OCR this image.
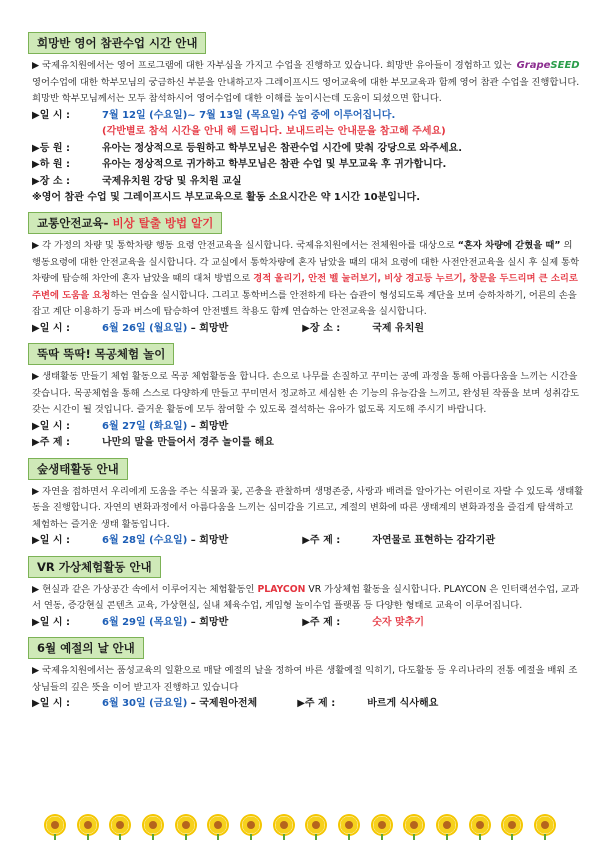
희망반 영어 참관수업 시간 안내
▶ 국제유치원에서는 영어 프로그램에 대한 자부심을 가지고 수업을 진행하고 있습니다. 희망반 유아들이 경험하고 있는 GrapeSEED 영어수업에 대한 학부모님의 궁금하신 부분을 안내하고자 그레이프시드 영어교육에 대한 부모교육과 함께 영어 참관 수업을 진행합니다. 희망반 학부모님께서는 모두 참석하시어 영어수업에 대한 이해를 높이시는데 도움이 되셨으면 합니다.
▶일 시 :	7월 12일 (수요일)~ 7월 13일 (목요일) 수업 중에 이루어집니다.
(각반별로 참석 시간을 안내 해 드립니다. 보내드리는 안내문을 참고해 주세요)
▶등 원 :	유아는 정상적으로 등원하고 학부모님은 참관수업 시간에 맞춰 강당으로 와주세요.
▶하 원 :	유아는 정상적으로 귀가하고 학부모님은 참관 수업 및 부모교육 후 귀가합니다.
▶장 소 :	국제유치원 강당 및 유치원 교실
※영어 참관 수업 및 그레이프시드 부모교육으로 활동 소요시간은 약 1시간 10분입니다.
교통안전교육- 비상 탈출 방법 알기
▶ 각 가정의 차량 및 통학차량 행동 요령 안전교육을 실시합니다. 국제유치원에서는 전체원아를 대상으로 “혼자 차량에 갇혔을 때” 의 행동요령에 대한 안전교육을 실시합니다. 각 교실에서 통학차량에 혼자 남았을 때의 대처 요령에 대한 사전안전교육을 실시 후 실제 통학차량에 탑승해 차안에 혼자 남았을 때의 대처 방법으로 경적 울리기, 안전 벨 눌러보기, 비상 경고등 누르기, 창문을 두드리며 큰 소리로 주변에 도움을 요청하는 연습을 실시합니다. 그리고 통학버스를 안전하게 타는 습관이 형성되도록 계단을 보며 승하차하기, 어른의 손을 잡고 계단 이용하기 등과 버스에 탑승하여 안전벨트 착용도 함께 연습하는 안전교육을 실시합니다.
▶일 시 :	6월 26일 (월요일) – 희망반	▶장 소 :	국제 유치원
뚝딱 뚝딱! 목공체험 놀이
▶ 생태활동 만들기 체험 활동으로 목공 체험활동을 합니다. 손으로 나무를 손질하고 꾸미는 공예 과정을 통해 아름다움을 느끼는 시간을 갖습니다. 목공체험을 통해 스스로 다양하게 만들고 꾸미면서 정교하고 세심한 손 기능의 유능감을 느끼고, 완성된 작품을 보며 성취감도 갖는 시간이 될 것입니다. 즐거운 활동에 모두 참여할 수 있도록 결석하는 유아가 없도록 지도해 주시기 바랍니다.
▶일 시 :	6월 27일 (화요일) – 희망반
▶주 제 :	나만의 말을 만들어서 경주 놀이를 해요
숲생태활동 안내
▶ 자연을 접하면서 우리에게 도움을 주는 식물과 꽃, 곤충을 관찰하며 생명존중, 사랑과 배려를 알아가는 어린이로 자랄 수 있도록 생태활동을 진행합니다. 자연의 변화과정에서 아름다움을 느끼는 심미감을 기르고, 계절의 변화에 따른 생태계의 변화과정을 즐겁게 탐색하고 체험하는 즐거운 생태 활동입니다.
▶일 시 :	6월 28일 (수요일) – 희망반	▶주 제 :	자연물로 표현하는 감각기관
VR 가상체험활동 안내
▶ 현실과 같은 가상공간 속에서 이루어지는 체험활동인 PLAYCON VR 가상체험 활동을 실시합니다. PLAYCON 은 인터랙션수업, 교과서 연동, 증강현실 콘텐츠 교육, 가상현실, 실내 체육수업, 게임형 놀이수업 플랫폼 등 다양한 형태로 교육이 이루어집니다.
▶일 시 :	6월 29일 (목요일) – 희망반	▶주 제 :	숫자 맞추기
6월 예절의 날 안내
▶ 국제유치원에서는 품성교육의 일환으로 매달 예절의 날을 정하여 바른 생활예절 익히기, 다도활동 등 우리나라의 전통 예절을 배워 조상님들의 깊은 뜻을 이어 받고자 진행하고 있습니다
▶일 시 :	6월 30일 (금요일) – 국제원아전체	▶주 제 :	바르게 식사해요
